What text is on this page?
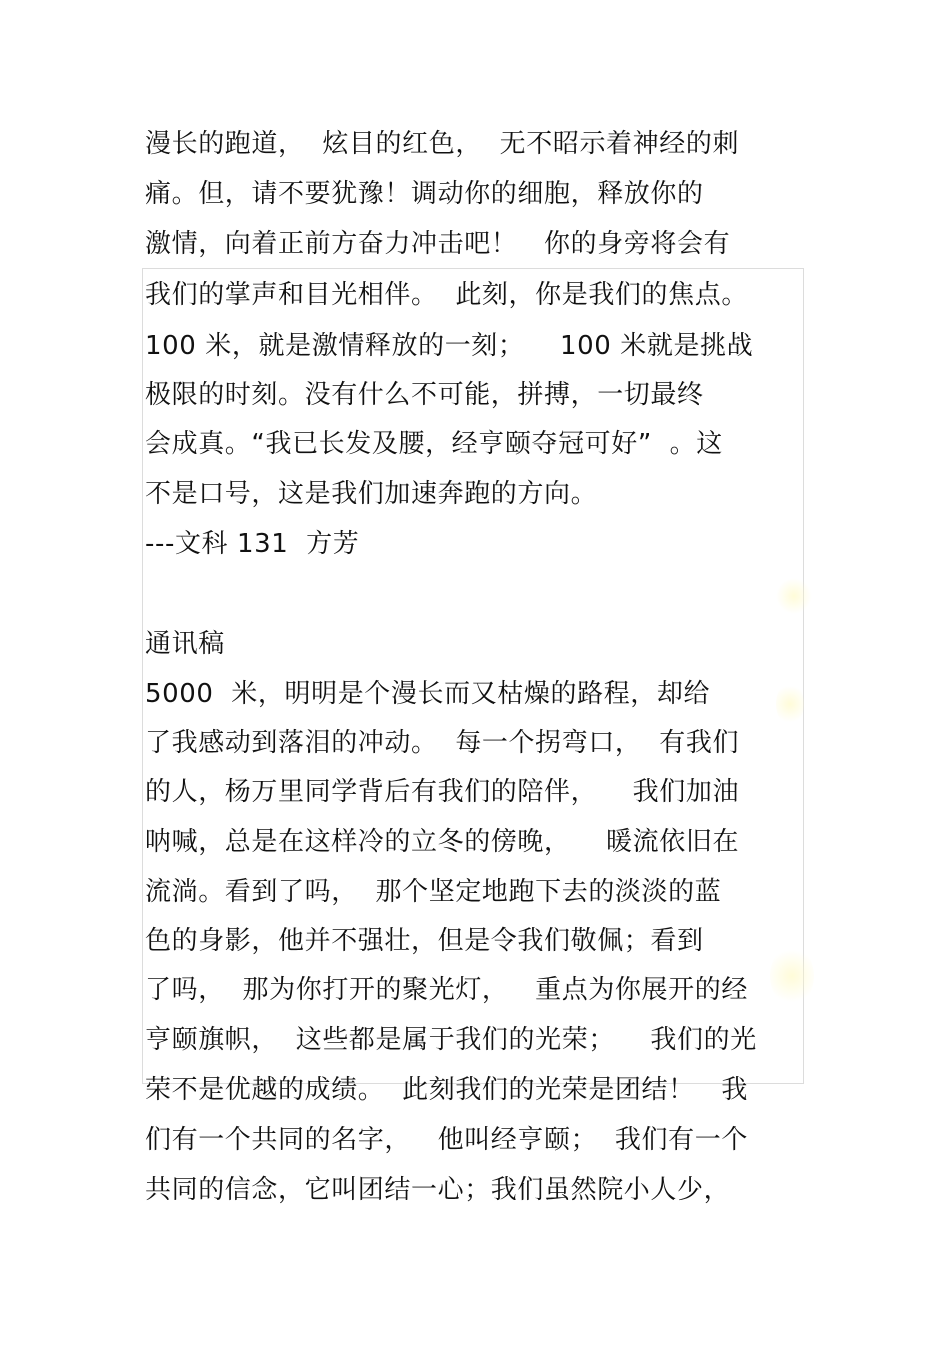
漫长的跑道，  炫目的红色，  无不昭示着神经的刺
痛。但，请不要犹豫！调动你的细胞，释放你的
激情，向着正前方奋力冲击吧！   你的身旁将会有
我们的掌声和目光相伴。  此刻，你是我们的焦点。
100 米，就是激情释放的一刻；    100 米就是挑战
极限的时刻。没有什么不可能，拼搏，一切最终
会成真。“我已长发及腰，经亨颐夺冠可好”  。这
不是口号，这是我们加速奔跑的方向。
---文科 131  方芳
通讯稿
5000  米，明明是个漫长而又枯燥的路程，却给
了我感动到落泪的冲动。  每一个拐弯口，  有我们
的人，杨万里同学背后有我们的陪伴，    我们加油
呐喊，总是在这样冷的立冬的傍晚，    暖流依旧在
流淌。看到了吗，  那个坚定地跑下去的淡淡的蓝
色的身影，他并不强壮，但是令我们敬佩；看到
了吗，  那为你打开的聚光灯，   重点为你展开的经
亨颐旗帜，  这些都是属于我们的光荣；    我们的光
荣不是优越的成绩。  此刻我们的光荣是团结！   我
们有一个共同的名字，   他叫经亨颐；  我们有一个
共同的信念，它叫团结一心；我们虽然院小人少，
